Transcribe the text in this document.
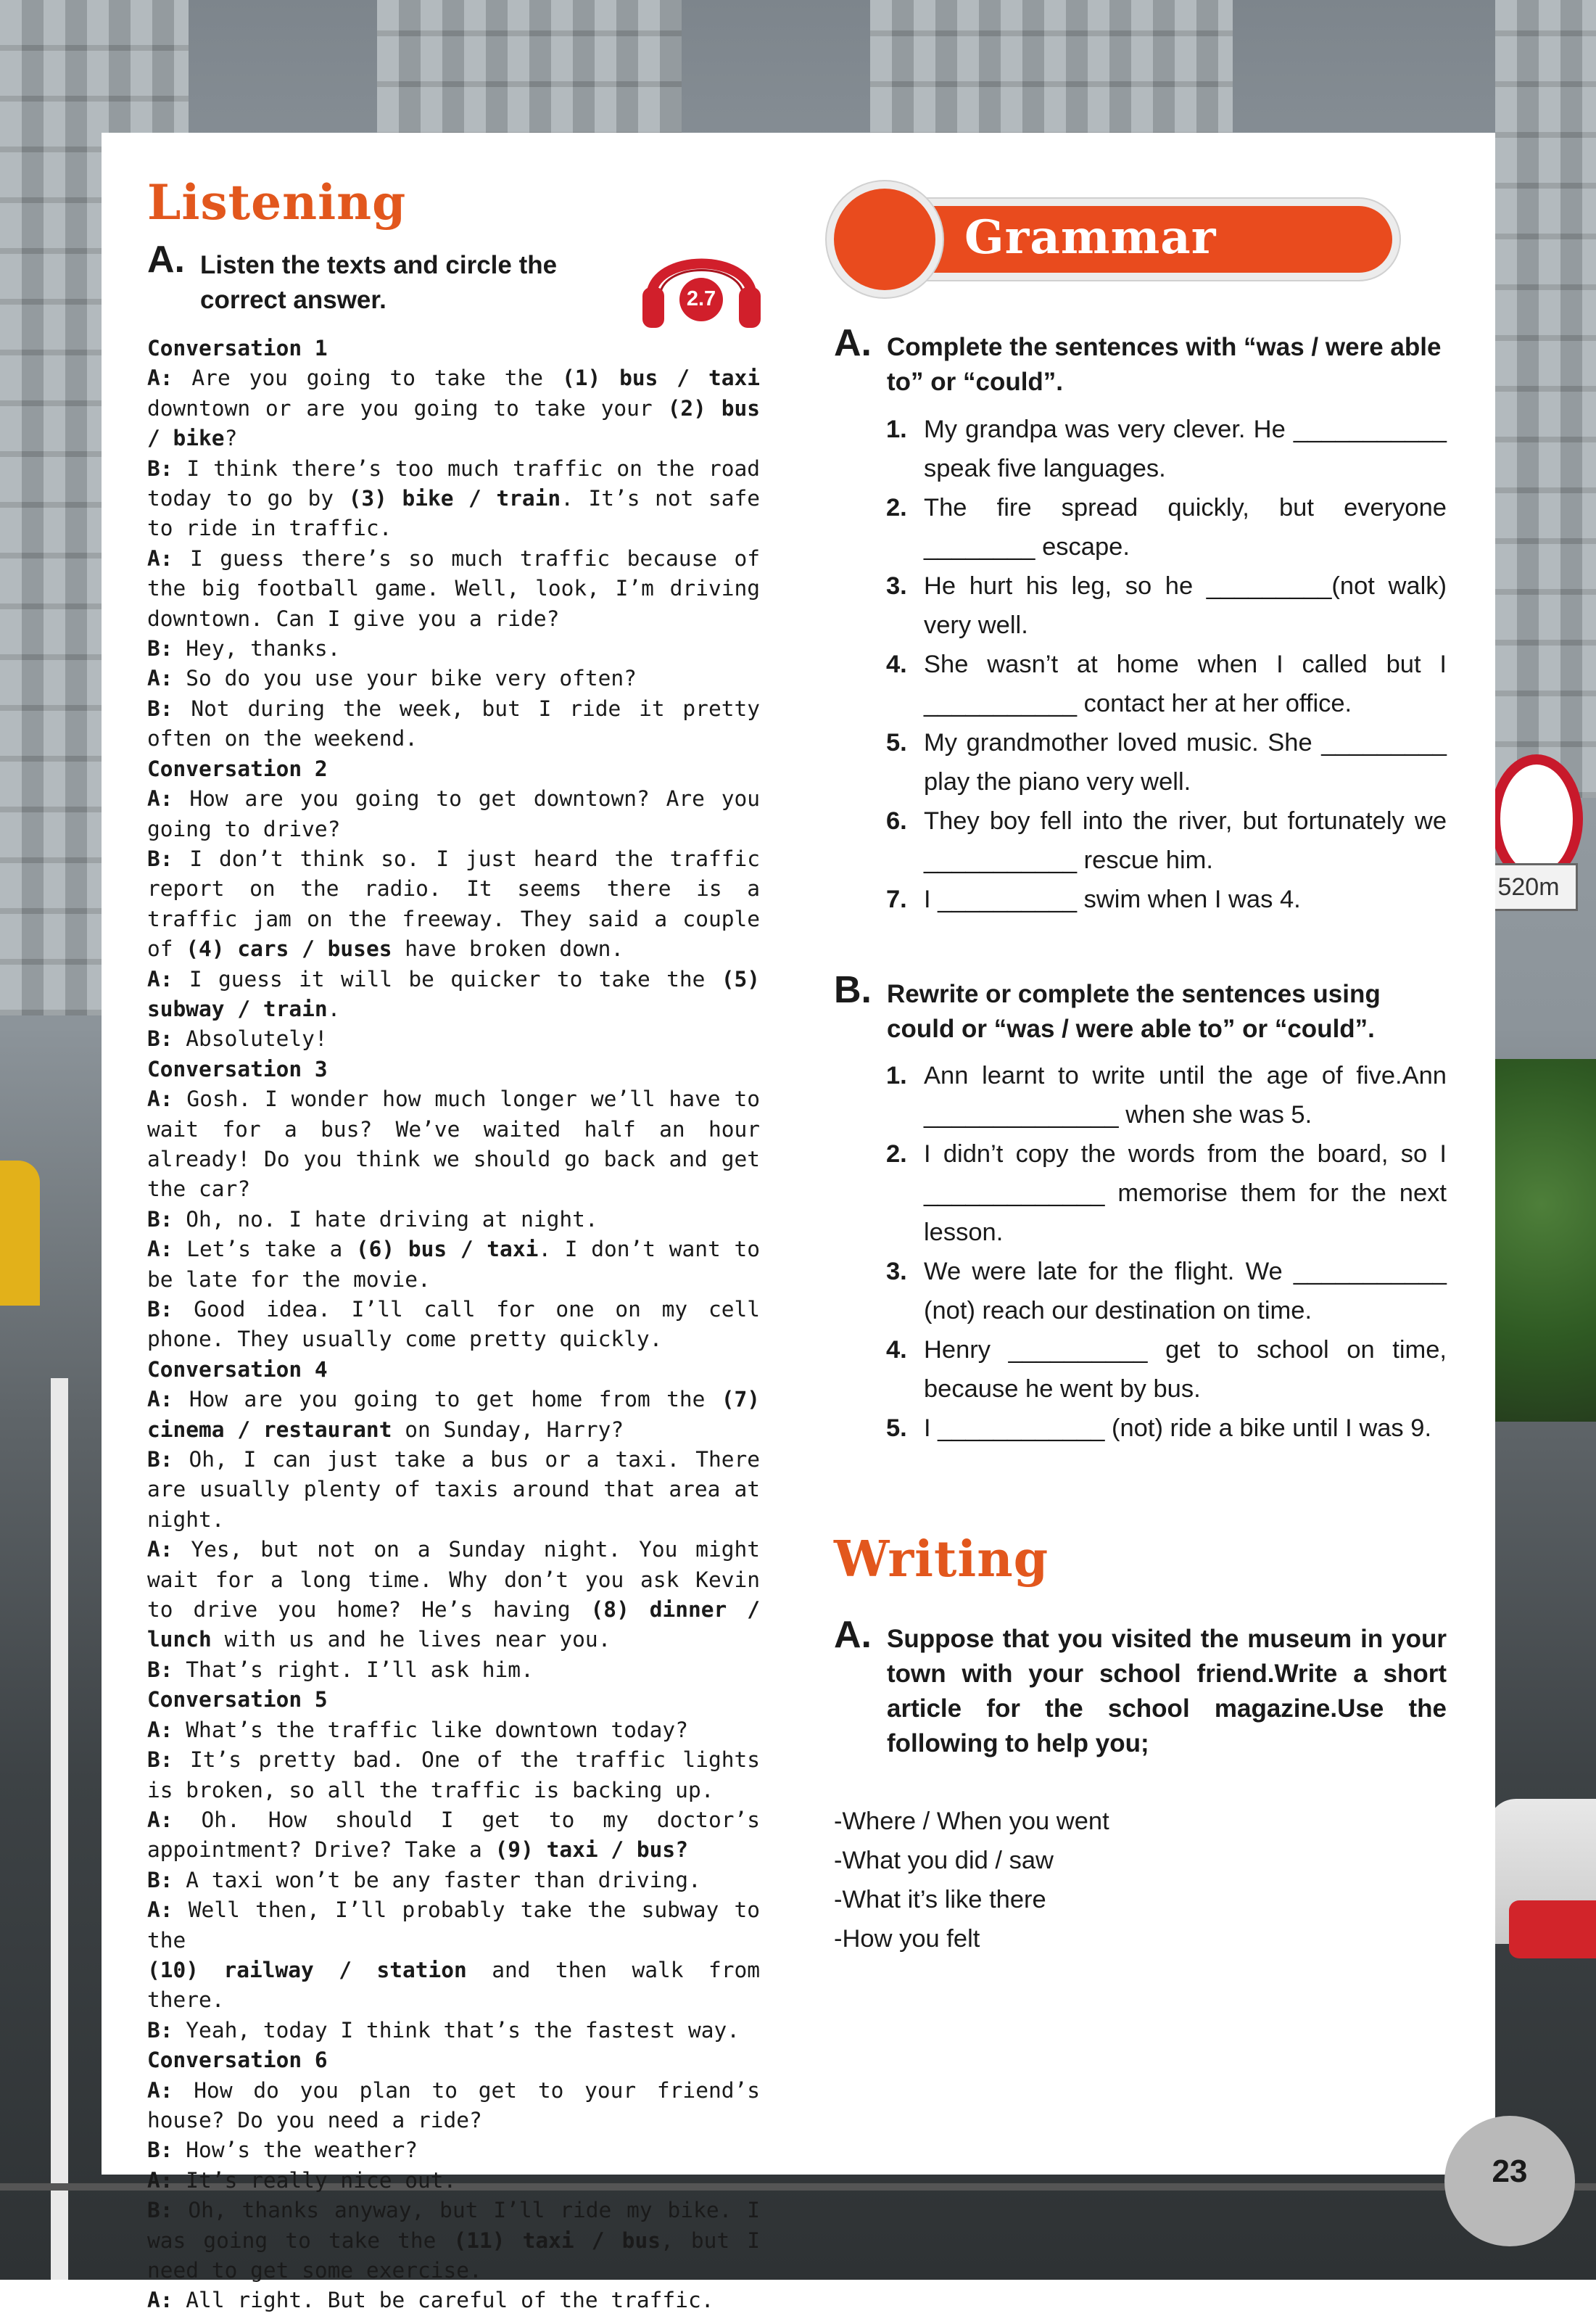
520m
Listening
A. Listen the texts and circle the correct answer.	2.7

Conversation 1

A: Are you going to take the (1) bus / taxi downtown or are you going to take your (2) bus / bike?

B: I think there’s too much traffic on the road today to go by (3) bike / train. It’s not safe to ride in traffic.

A: I guess there’s so much traffic because of the big football game. Well, look, I’m driving downtown. Can I give you a ride?

B: Hey, thanks.

A: So do you use your bike very often?

B: Not during the week, but I ride it pretty often on the weekend.

Conversation 2

A: How are you going to get downtown? Are you going to drive?

B: I don’t think so. I just heard the traffic report on the radio. It seems there is a traffic jam on the freeway. They said a couple of (4) cars / buses have broken down.

A: I guess it will be quicker to take the (5) subway / train.

B: Absolutely!

Conversation 3

A: Gosh. I wonder how much longer we’ll have to wait for a bus? We’ve waited half an hour already! Do you think we should go back and get the car?

B: Oh, no. I hate driving at night.

A: Let’s take a (6) bus / taxi. I don’t want to be late for the movie.

B: Good idea. I’ll call for one on my cell phone. They usually come pretty quickly.

Conversation 4

A: How are you going to get home from the (7) cinema / restaurant on Sunday, Harry?

B: Oh, I can just take a bus or a taxi. There are usually plenty of taxis around that area at night.

A: Yes, but not on a Sunday night. You might wait for a long time. Why don’t you ask Kevin to drive you home? He’s having (8) dinner / lunch with us and he lives near you.

B: That’s right. I’ll ask him.

Conversation 5

A: What’s the traffic like downtown today?

B: It’s pretty bad. One of the traffic lights is broken, so all the traffic is backing up.

A: Oh. How should I get to my doctor’s appointment? Drive? Take a (9) taxi / bus?

B: A taxi won’t be any faster than driving.

A: Well then, I’ll probably take the subway to the
(10) railway / station and then walk from there.

B: Yeah, today I think that’s the fastest way.

Conversation 6

A: How do you plan to get to your friend’s house? Do you need a ride?

B: How’s the weather?

A: It’s really nice out.

B: Oh, thanks anyway, but I’ll ride my bike. I was going to take the (11) taxi / bus, but I need to get some exercise.

A: All right. But be careful of the traffic.

Grammar
A. Complete the sentences with “was / were able to” or “could”.
1. My grandpa was very clever. He ___________ speak five languages.
2. The fire spread quickly, but everyone ________ escape.
3. He hurt his leg, so he _________(not walk) very well.
4. She wasn’t at home when I called but I ___________ contact her at her office.
5. My grandmother loved music. She _________ play the piano very well.
6. They boy fell into the river, but fortunately we ___________ rescue him.
7. I __________ swim when I was 4.
B. Rewrite or complete the sentences using could or “was / were able to” or “could”.
1. Ann learnt to write until the age of five.Ann ______________ when she was 5.
2. I didn’t copy the words from the board, so I _____________ memorise them for the next lesson.
3. We were late for the flight. We ___________ (not) reach our destination on time.
4. Henry __________ get to school on time, because he went by bus.
5. I ____________ (not) ride a bike until I was 9.
Writing
A. Suppose that you visited the museum in your town with your school friend.Write a short article for the school magazine.Use the following to help you;
-Where / When you went
-What you did / saw
-What it’s like there
-How you felt
23
